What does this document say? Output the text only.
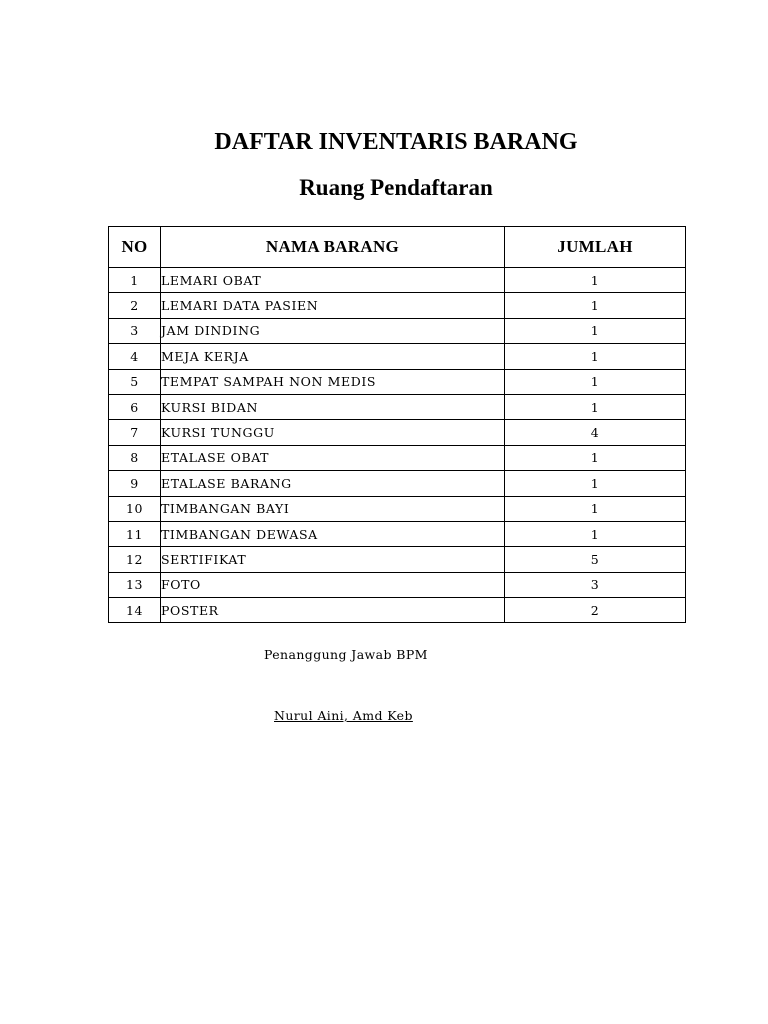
DAFTAR INVENTARIS BARANG
Ruang Pendaftaran
NO	NAMA BARANG	JUMLAH
1	LEMARI OBAT	1
2	LEMARI DATA PASIEN	1
3	JAM DINDING	1
4	MEJA KERJA	1
5	TEMPAT SAMPAH NON MEDIS	1
6	KURSI BIDAN	1
7	KURSI TUNGGU	4
8	ETALASE OBAT	1
9	ETALASE BARANG	1
10	TIMBANGAN BAYI	1
11	TIMBANGAN DEWASA	1
12	SERTIFIKAT	5
13	FOTO	3
14	POSTER	2
Penanggung Jawab BPM
Nurul Aini, Amd Keb
